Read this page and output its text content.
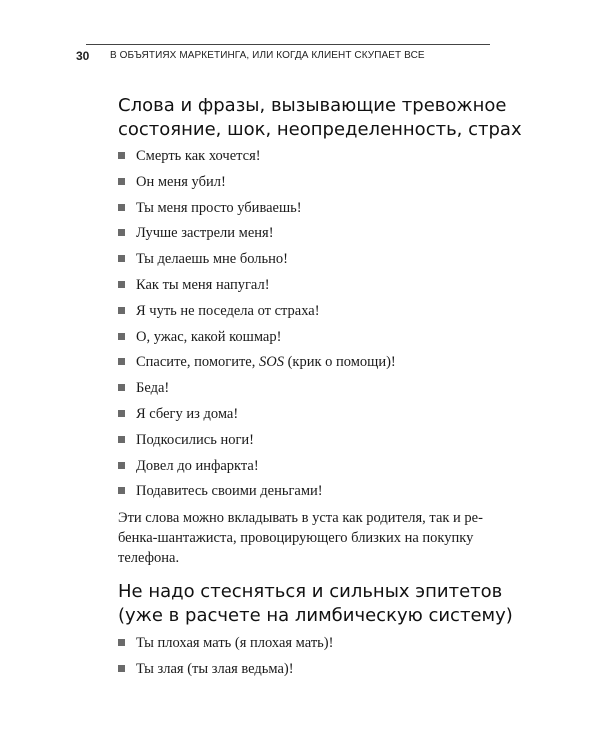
30 В ОБЪЯТИЯХ МАРКЕТИНГА, ИЛИ КОГДА КЛИЕНТ СКУПАЕТ ВСЕ
Слова и фразы, вызывающие тревожное
состояние, шок, неопределенность, страх
Смерть как хочется!
Он меня убил!
Ты меня просто убиваешь!
Лучше застрели меня!
Ты делаешь мне больно!
Как ты меня напугал!
Я чуть не поседела от страха!
О, ужас, какой кошмар!
Спасите, помогите, SOS (крик о помощи)!
Беда!
Я сбегу из дома!
Подкосились ноги!
Довел до инфаркта!
Подавитесь своими деньгами!

Эти слова можно вкладывать в уста как родителя, так и ре-
бенка-шантажиста, провоцирующего близких на покупку
телефона.

Не надо стесняться и сильных эпитетов
(уже в расчете на лимбическую систему)
Ты плохая мать (я плохая мать)!
Ты злая (ты злая ведьма)!
